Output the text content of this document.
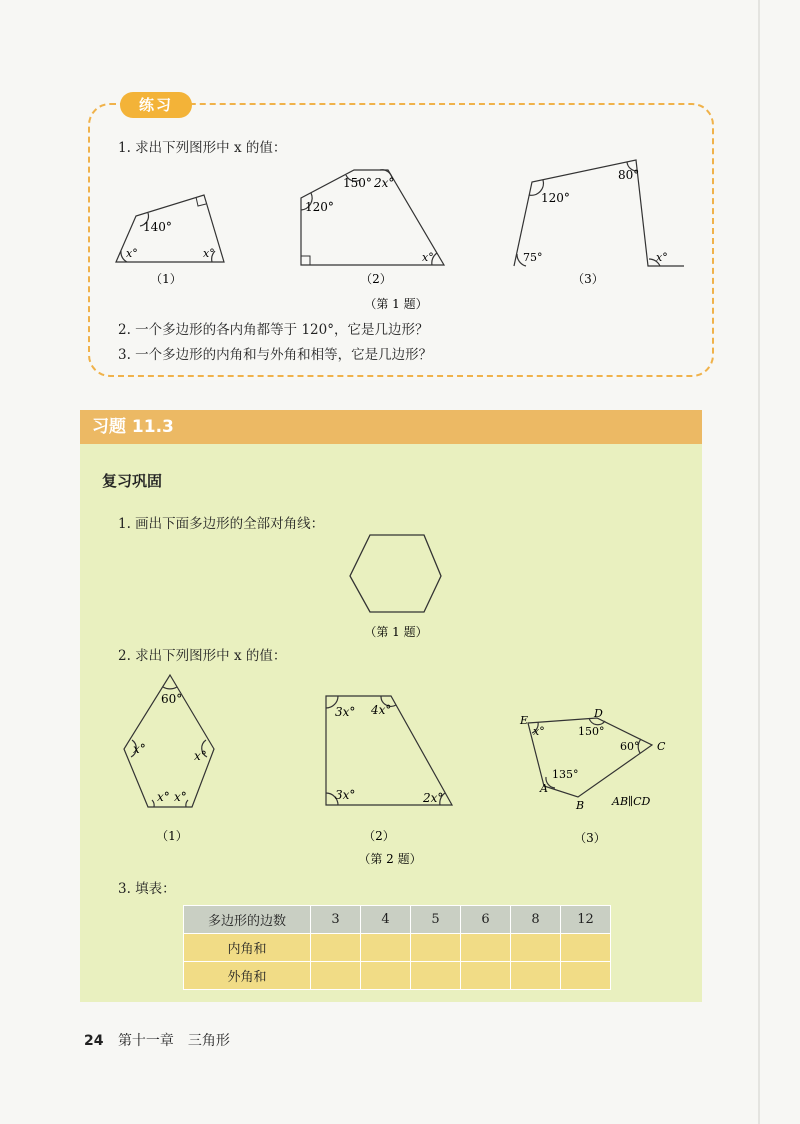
练习
1. 求出下列图形中 x 的值：
140°
x°	x°
（1）
150° 2x°
120°
x°
（2）
80°
120°
75°	x°
（3）
（第 1 题）
2. 一个多边形的各内角都等于 120°，它是几边形？
3. 一个多边形的内角和与外角和相等，它是几边形？
习题 11.3
复习巩固
1. 画出下面多边形的全部对角线：
（第 1 题）
2. 求出下列图形中 x 的值：
60°
x°	x°
x° x°
（1）
3x° 4x°
3x°	2x°
（2）
E
D
C
A
B
x°	150°
60°
135°
AB∥CD
（3）
（第 2 题）
3. 填表：
多边形的边数	3	4	5	6	8	12
内角和						
外角和						
24 第十一章　三角形
